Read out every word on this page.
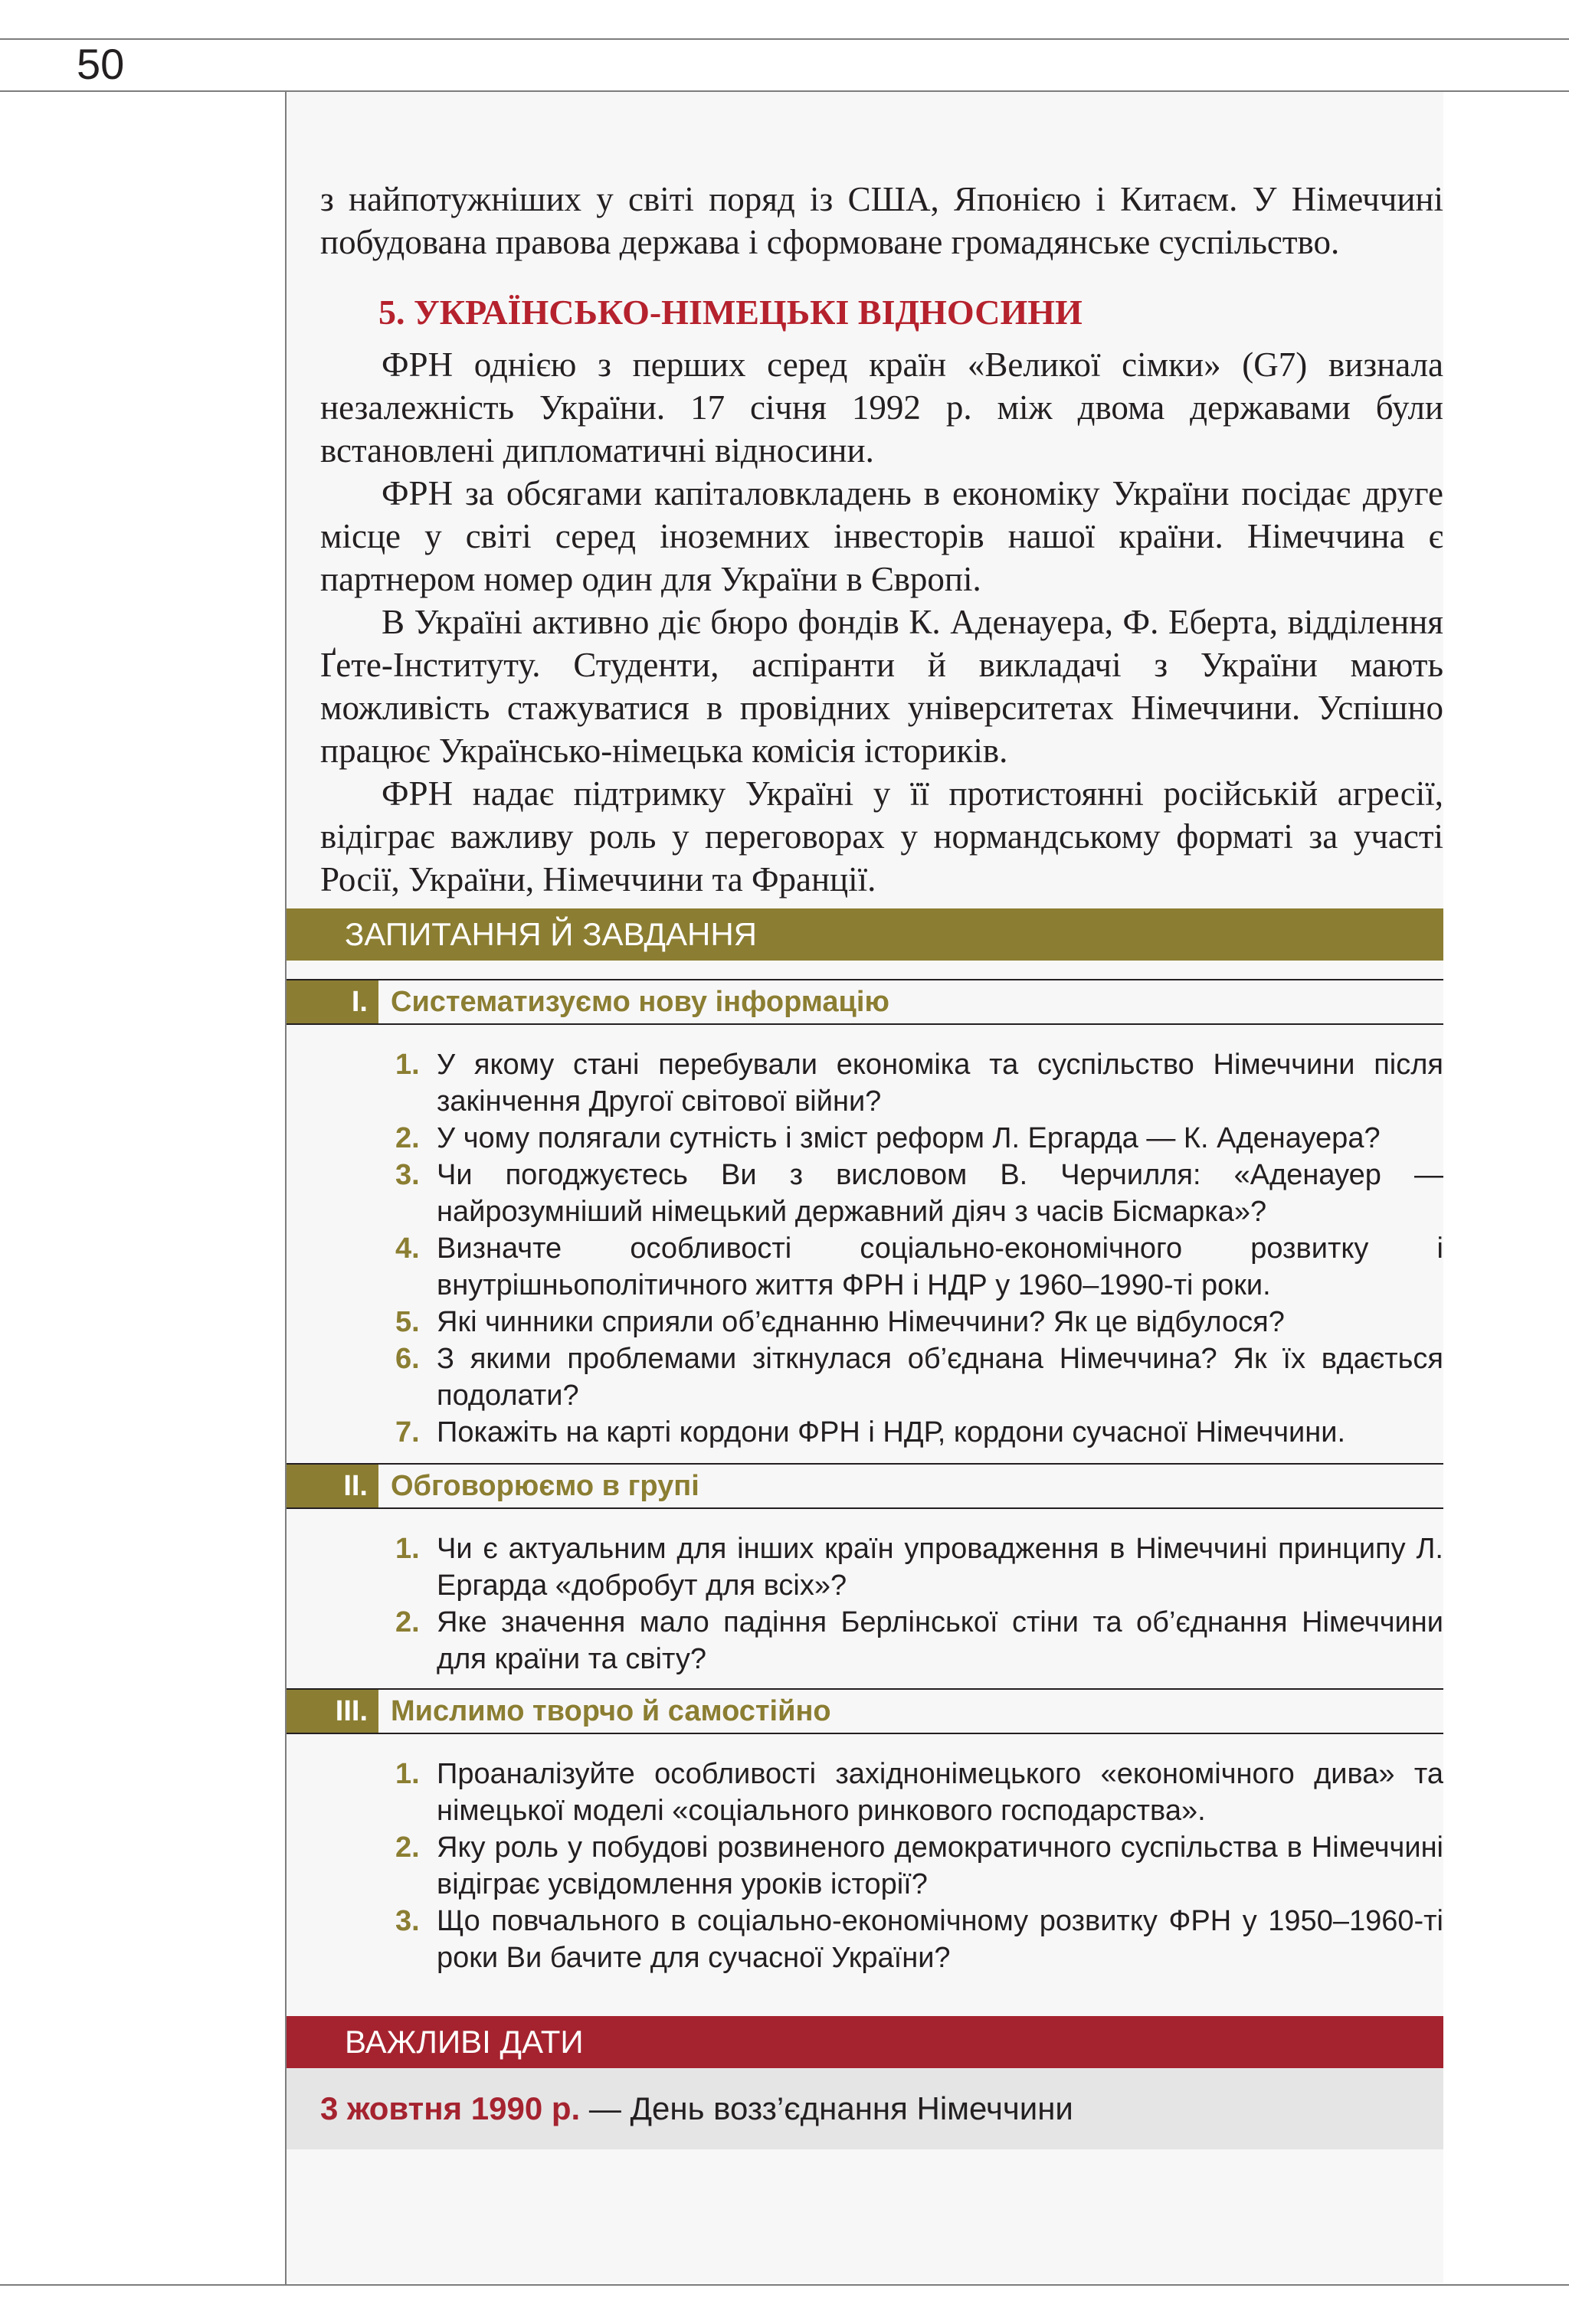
50

з найпотужніших у світі поряд із США, Японією і Китаєм. У Німеччині побудована правова держава і сформоване громадянське суспільство.

5. УКРАЇНСЬКО-НІМЕЦЬКІ ВІДНОСИНИ

ФРН однією з перших серед країн «Великої сімки» (G7) визнала незалежність України. 17 січня 1992 р. між двома державами були встановлені дипломатичні відносини.

ФРН за обсягами капіталовкладень в економіку України посідає друге місце у світі серед іноземних інвесторів нашої країни. Німеччина є партнером номер один для України в Європі.

В Україні активно діє бюро фондів К. Аденауера, Ф. Еберта, відділення Ґете-Інституту. Студенти, аспіранти й викладачі з України мають можливість стажуватися в провідних університетах Німеччини. Успішно працює Українсько-німецька комісія істориків.

ФРН надає підтримку Україні у її протистоянні російській агресії, відіграє важливу роль у переговорах у нормандському форматі за участі Росії, України, Німеччини та Франції.

ЗАПИТАННЯ Й ЗАВДАННЯ
I. Систематизуємо нову інформацію
1. У якому стані перебували економіка та суспільство Німеччини після закінчення Другої світової війни?
2. У чому полягали сутність і зміст реформ Л. Ергарда — К. Аденауера?
3. Чи погоджуєтесь Ви з висловом В. Черчилля: «Аденауер — найрозумніший німецький державний діяч з часів Бісмарка»?
4. Визначте особливості соціально-економічного розвитку і внутрішньополітичного життя ФРН і НДР у 1960–1990-ті роки.
5. Які чинники сприяли об’єднанню Німеччини? Як це відбулося?
6. З якими проблемами зіткнулася об’єднана Німеччина? Як їх вдається подолати?
7. Покажіть на карті кордони ФРН і НДР, кордони сучасної Німеччини.
II. Обговорюємо в групі
1. Чи є актуальним для інших країн упровадження в Німеччині принципу Л. Ергарда «добробут для всіх»?
2. Яке значення мало падіння Берлінської стіни та об’єднання Німеччини для країни та світу?
III. Мислимо творчо й самостійно
1. Проаналізуйте особливості західнонімецького «економічного дива» та німецької моделі «соціального ринкового господарства».
2. Яку роль у побудові розвиненого демократичного суспільства в Німеччині відіграє усвідомлення уроків історії?
3. Що повчального в соціально-економічному розвитку ФРН у 1950–1960-ті роки Ви бачите для сучасної України?
ВАЖЛИВІ ДАТИ
3 жовтня 1990 р. — День возз’єднання Німеччини
